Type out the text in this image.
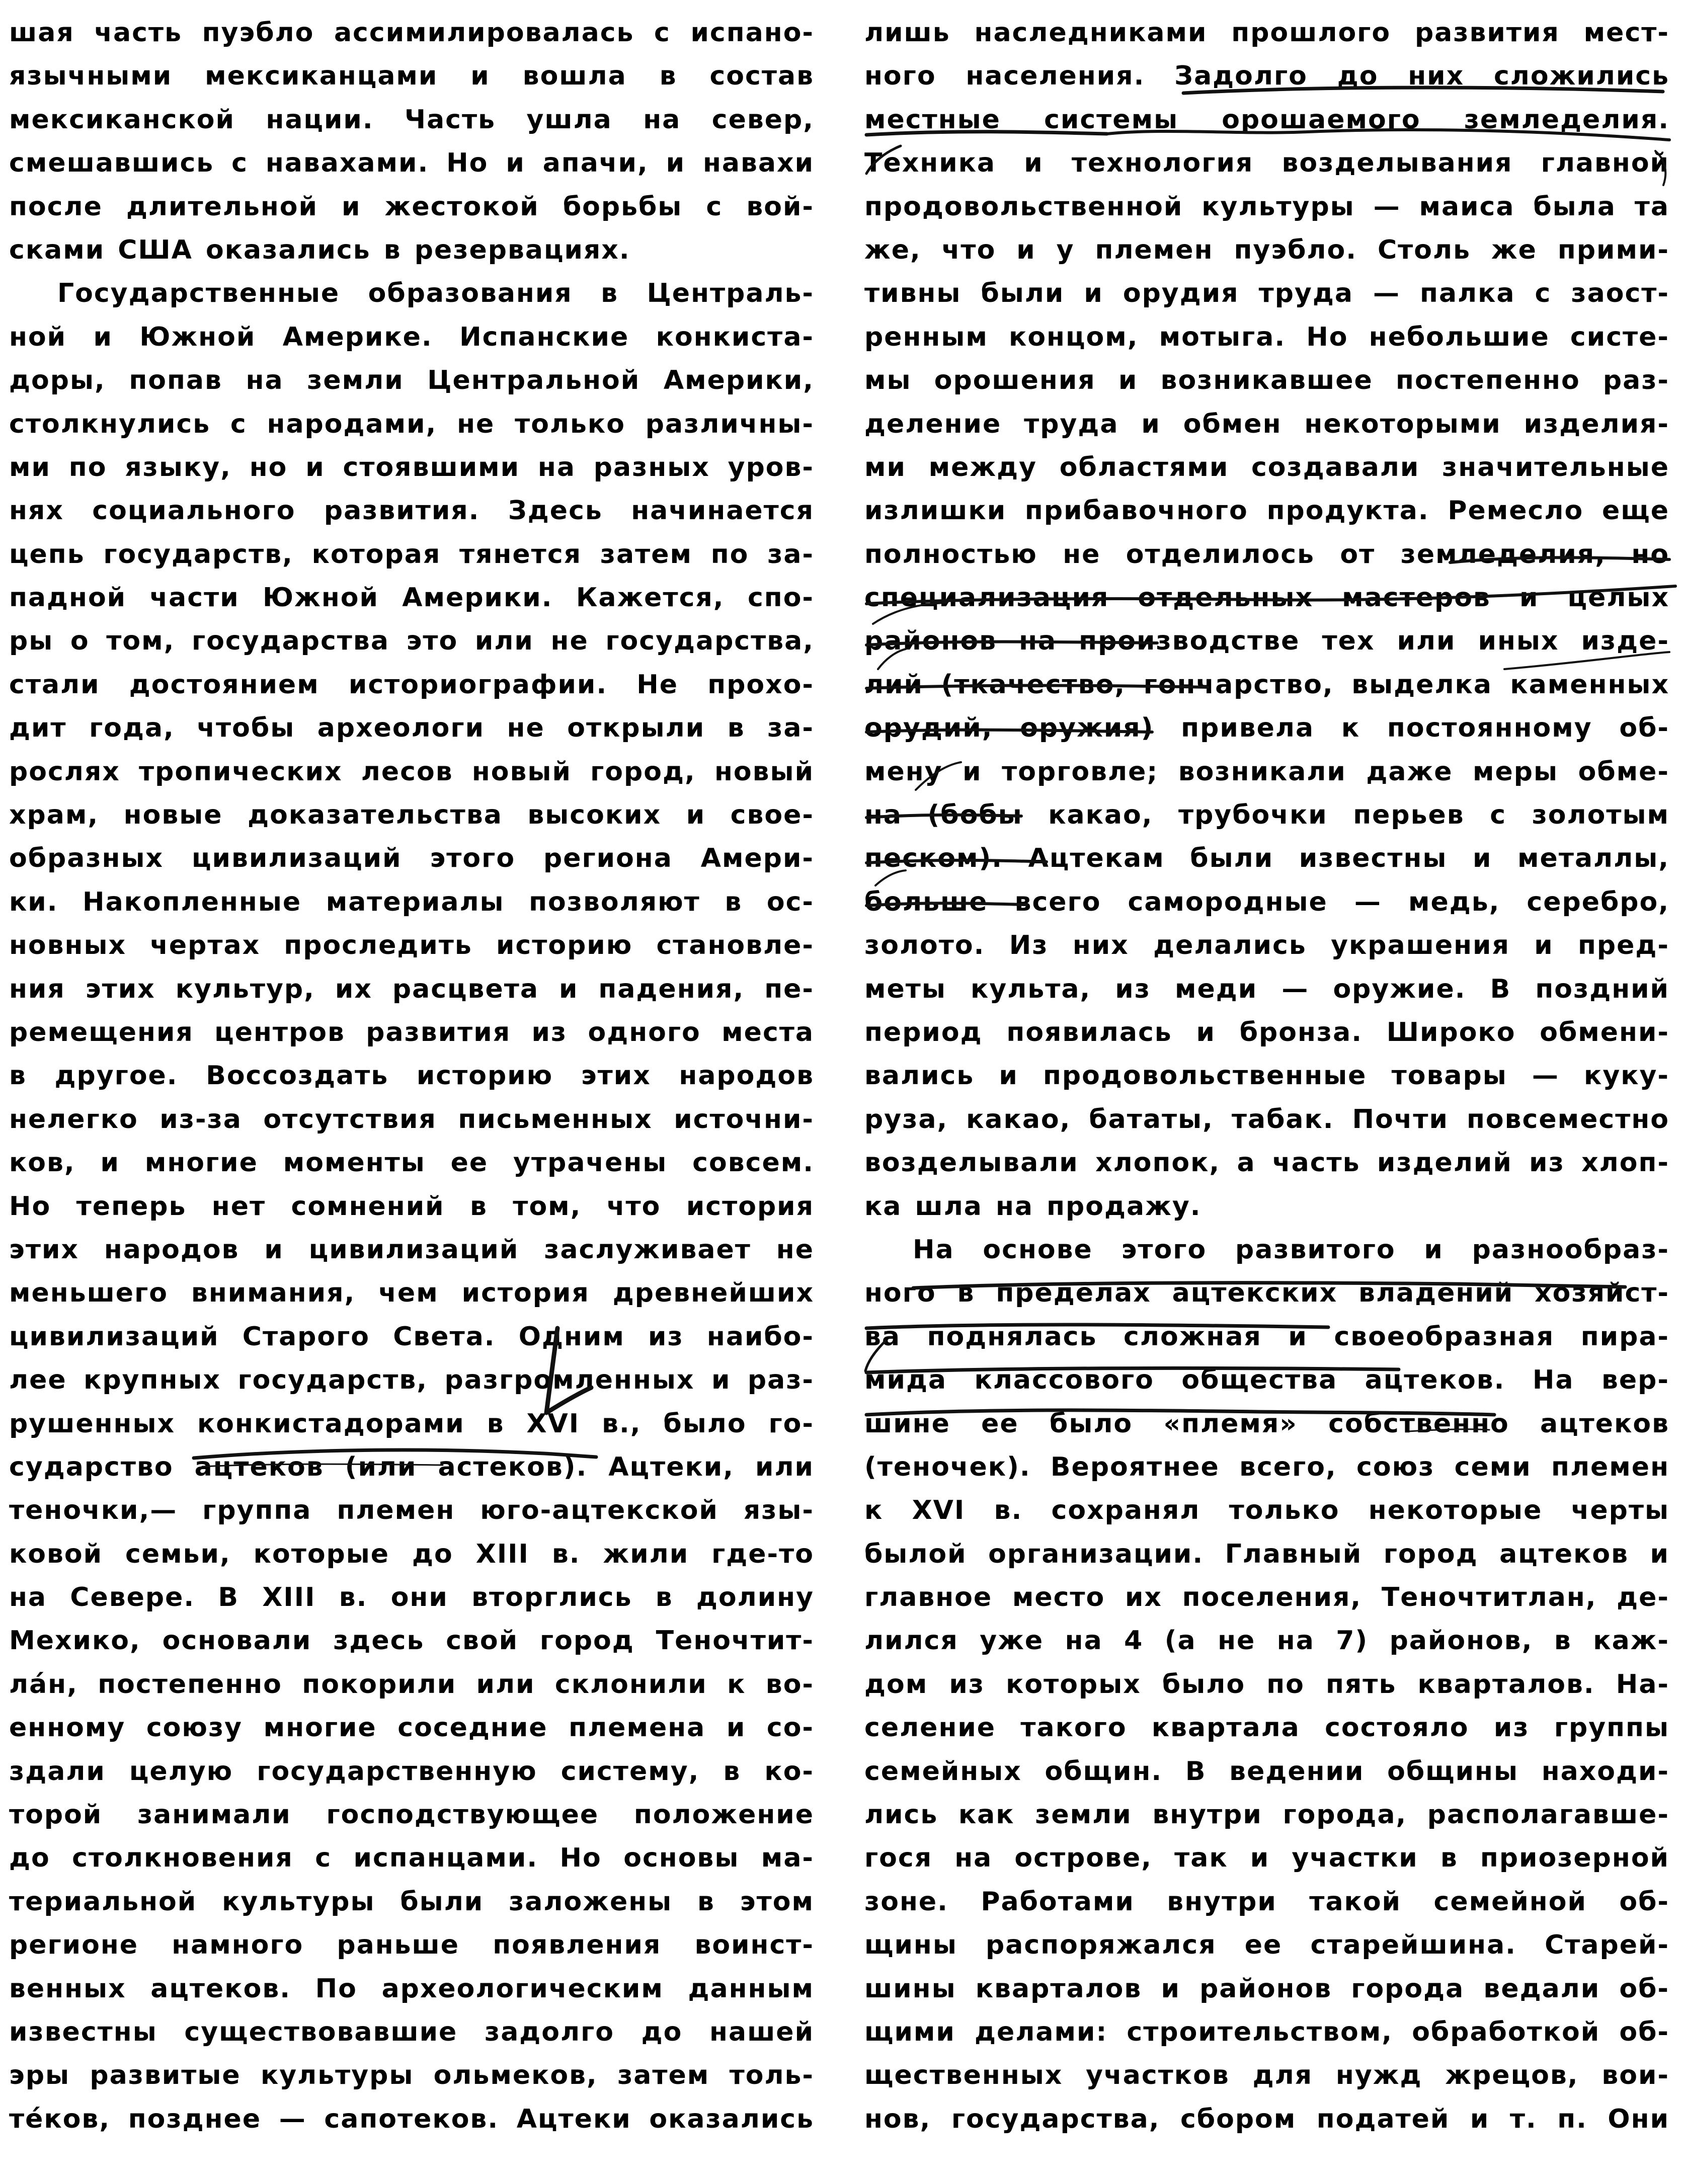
шая часть пуэбло ассимилировалась с испано-
язычными мексиканцами и вошла в состав
мексиканской нации. Часть ушла на север,
смешавшись с навахами. Но и апачи, и навахи
после длительной и жестокой борьбы с вой-
сками США оказались в резервациях.
Государственные образования в Централь-
ной и Южной Америке. Испанские конкиста-
доры, попав на земли Центральной Америки,
столкнулись с народами, не только различны-
ми по языку, но и стоявшими на разных уров-
нях социального развития. Здесь начинается
цепь государств, которая тянется затем по за-
падной части Южной Америки. Кажется, спо-
ры о том, государства это или не государства,
стали достоянием историографии. Не прохо-
дит года, чтобы археологи не открыли в за-
рослях тропических лесов новый город, новый
храм, новые доказательства высоких и свое-
образных цивилизаций этого региона Амери-
ки. Накопленные материалы позволяют в ос-
новных чертах проследить историю становле-
ния этих культур, их расцвета и падения, пе-
ремещения центров развития из одного места
в другое. Воссоздать историю этих народов
нелегко из-за отсутствия письменных источни-
ков, и многие моменты ее утрачены совсем.
Но теперь нет сомнений в том, что история
этих народов и цивилизаций заслуживает не
меньшего внимания, чем история древнейших
цивилизаций Старого Света. Одним из наибо-
лее крупных государств, разгромленных и раз-
рушенных конкистадорами в XVI в., было го-
сударство ацтеков (или астеков). Ацтеки, или
теночки,— группа племен юго-ацтекской язы-
ковой семьи, которые до XIII в. жили где-то
на Севере. В XIII в. они вторглись в долину
Мехико, основали здесь свой город Теночтит-
лáн, постепенно покорили или склонили к во-
енному союзу многие соседние племена и со-
здали целую государственную систему, в ко-
торой занимали господствующее положение
до столкновения с испанцами. Но основы ма-
териальной культуры были заложены в этом
регионе намного раньше появления воинст-
венных ацтеков. По археологическим данным
известны существовавшие задолго до нашей
эры развитые культуры ольмеков, затем толь-
тéков, позднее — сапотеков. Ацтеки оказались
лишь наследниками прошлого развития мест-
ного населения. Задолго до них сложились
местные системы орошаемого земледелия.
Техника и технология возделывания главной
продовольственной культуры — маиса была та
же, что и у племен пуэбло. Столь же прими-
тивны были и орудия труда — палка с заост-
ренным концом, мотыга. Но небольшие систе-
мы орошения и возникавшее постепенно раз-
деление труда и обмен некоторыми изделия-
ми между областями создавали значительные
излишки прибавочного продукта. Ремесло еще
полностью не отделилось от земледелия, но
специализация отдельных мастеров и целых
районов на производстве тех или иных изде-
лий (ткачество, гончарство, выделка каменных
орудий, оружия) привела к постоянному об-
мену и торговле; возникали даже меры обме-
на (бобы какао, трубочки перьев с золотым
песком). Ацтекам были известны и металлы,
больше всего самородные — медь, серебро,
золото. Из них делались украшения и пред-
меты культа, из меди — оружие. В поздний
период появилась и бронза. Широко обмени-
вались и продовольственные товары — куку-
руза, какао, бататы, табак. Почти повсеместно
возделывали хлопок, а часть изделий из хлоп-
ка шла на продажу.
На основе этого развитого и разнообраз-
ного в пределах ацтекских владений хозяйст-
ва поднялась сложная и своеобразная пира-
мида классового общества ацтеков. На вер-
шине ее было «племя» собственно ацтеков
(теночек). Вероятнее всего, союз семи племен
к XVI в. сохранял только некоторые черты
былой организации. Главный город ацтеков и
главное место их поселения, Теночтитлан, де-
лился уже на 4 (а не на 7) районов, в каж-
дом из которых было по пять кварталов. На-
селение такого квартала состояло из группы
семейных общин. В ведении общины находи-
лись как земли внутри города, располагавше-
гося на острове, так и участки в приозерной
зоне. Работами внутри такой семейной об-
щины распоряжался ее старейшина. Старей-
шины кварталов и районов города ведали об-
щими делами: строительством, обработкой об-
щественных участков для нужд жрецов, вои-
нов, государства, сбором податей и т. п. Они
